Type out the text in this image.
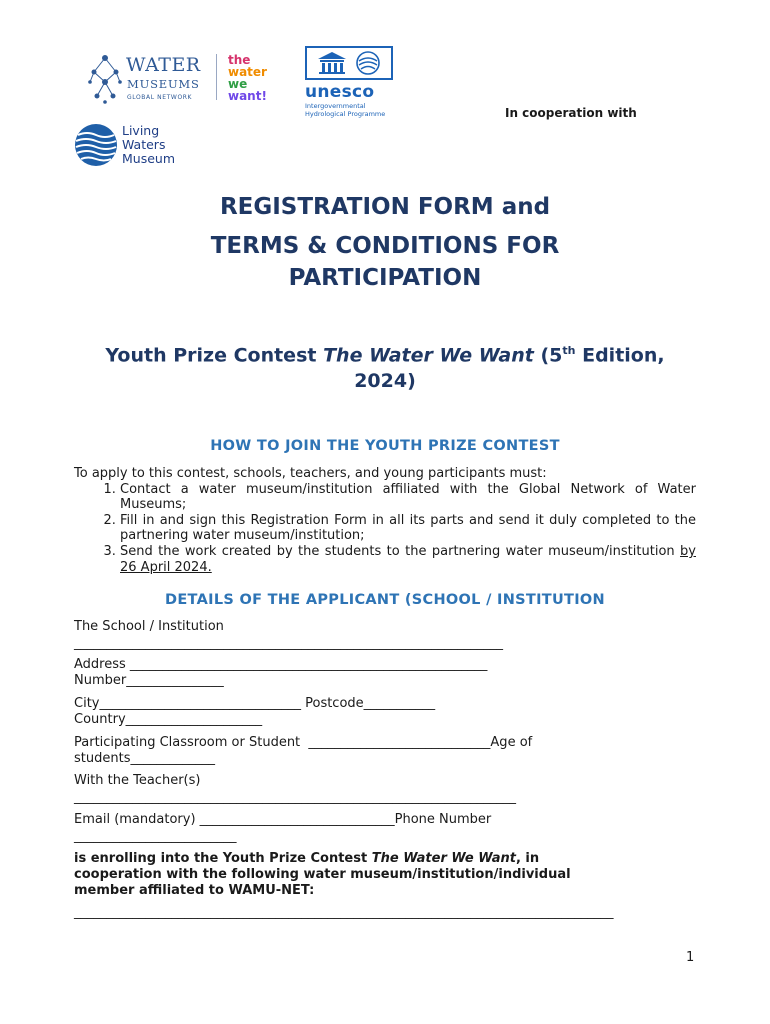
WATER
MUSEUMS
GLOBAL NETWORK
the
water
we
want! unesco
Intergovernmental
Hydrological Programme	In cooperation with
Living
Waters
Museum
REGISTRATION FORM and
TERMS & CONDITIONS FOR
PARTICIPATION
Youth Prize Contest The Water We Want (5th Edition,
2024)
HOW TO JOIN THE YOUTH PRIZE CONTEST
To apply to this contest, schools, teachers, and young participants must:
1. Contact a water museum/institution affiliated with the Global Network of Water Museums;
2. Fill in and sign this Registration Form in all its parts and send it duly completed to the partnering water museum/institution;
3. Send the work created by the students to the partnering water museum/institution by 26 April 2024.
DETAILS OF THE APPLICANT (SCHOOL / INSTITUTION
The School / Institution
__________________________________________________________________
Address _______________________________________________________
Number_______________
City_______________________________ Postcode___________
Country_____________________
Participating Classroom or Student  ____________________________Age of
students_____________
With the Teacher(s)
____________________________________________________________________
Email (mandatory) ______________________________Phone Number
_________________________
is enrolling into the Youth Prize Contest The Water We Want, in
cooperation with the following water museum/institution/individual
member affiliated to WAMU-NET:
___________________________________________________________________________________
1
